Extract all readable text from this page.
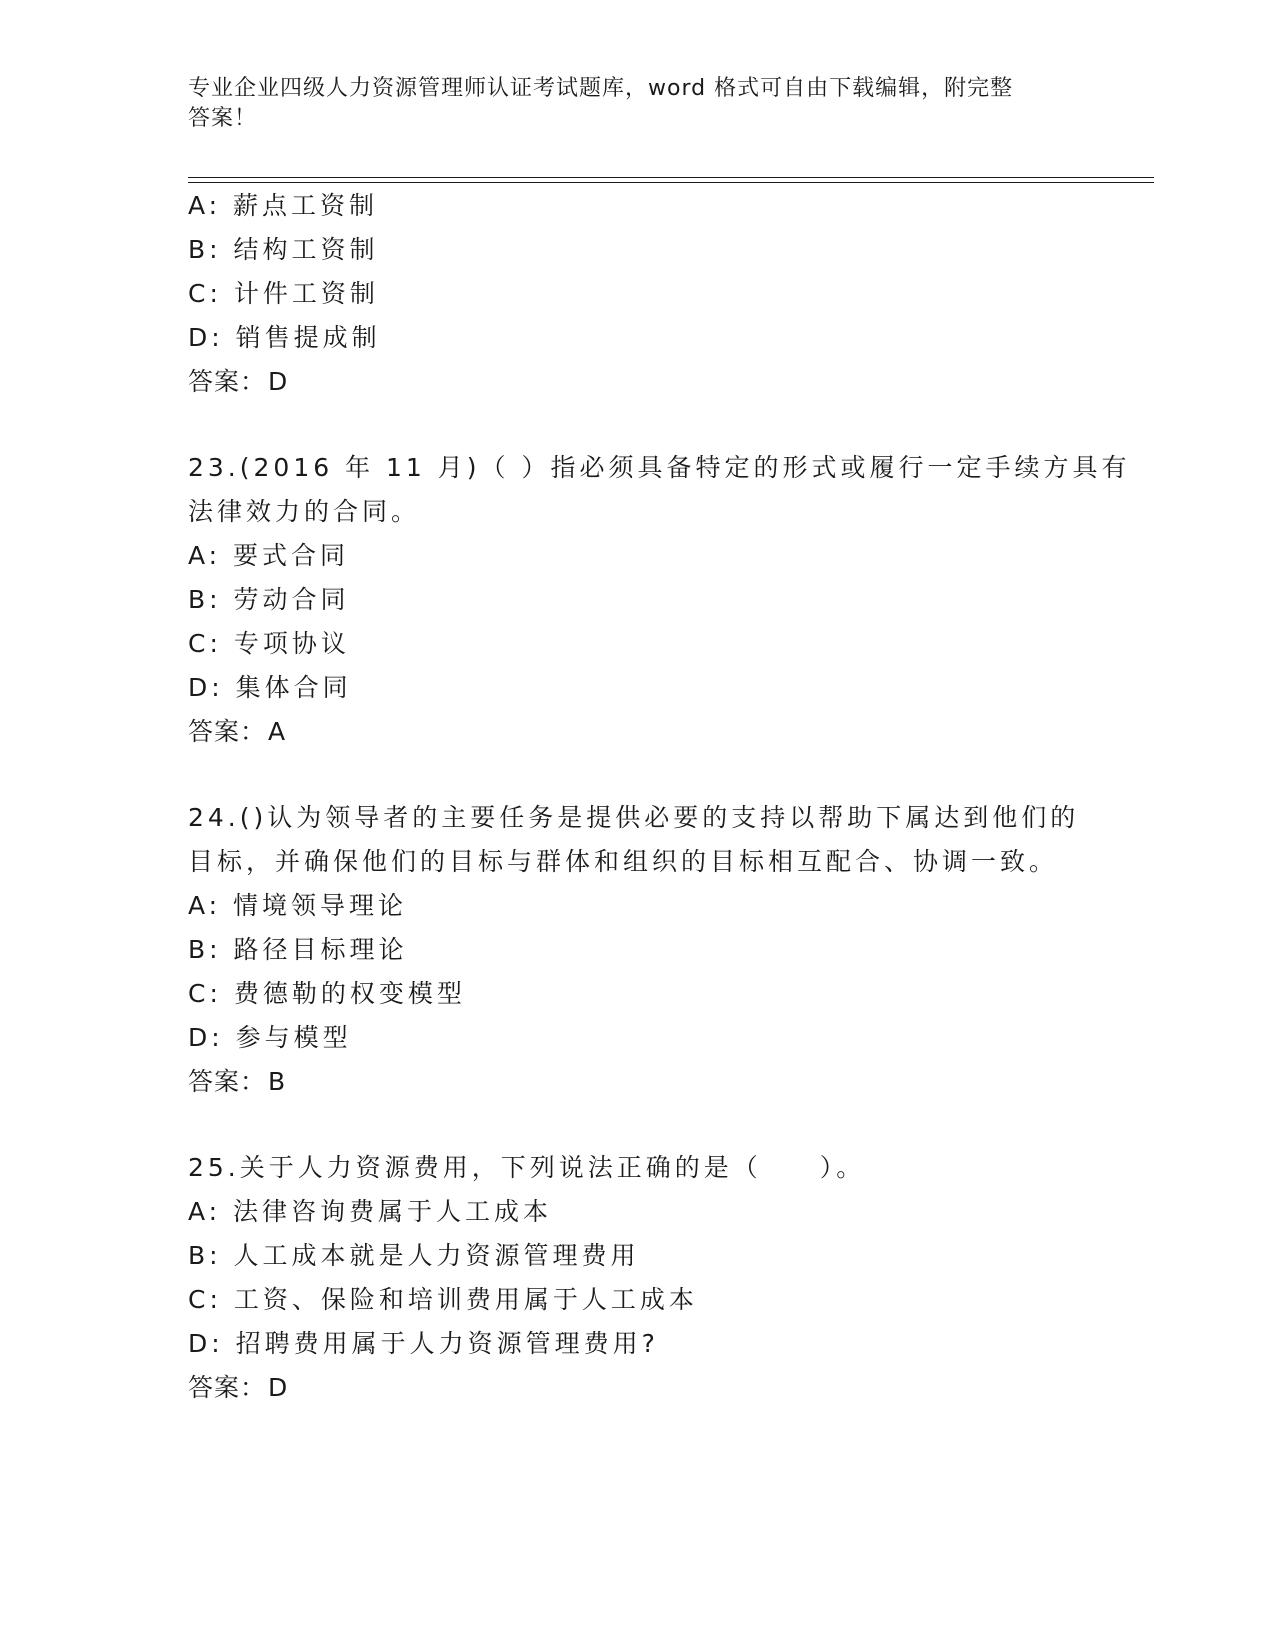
专业企业四级人力资源管理师认证考试题库，word 格式可自由下载编辑，附完整
答案！
A: 薪点工资制
B: 结构工资制
C: 计件工资制
D: 销售提成制
答案：D
23.(2016 年 11 月)（ ）指必须具备特定的形式或履行一定手续方具有
法律效力的合同。
A: 要式合同
B: 劳动合同
C: 专项协议
D: 集体合同
答案：A
24.()认为领导者的主要任务是提供必要的支持以帮助下属达到他们的
目标，并确保他们的目标与群体和组织的目标相互配合、协调一致。
A: 情境领导理论
B: 路径目标理论
C: 费德勒的权变模型
D: 参与模型
答案：B
25.关于人力资源费用，下列说法正确的是（　　）。
A: 法律咨询费属于人工成本
B: 人工成本就是人力资源管理费用
C: 工资、保险和培训费用属于人工成本
D: 招聘费用属于人力资源管理费用?
答案：D
